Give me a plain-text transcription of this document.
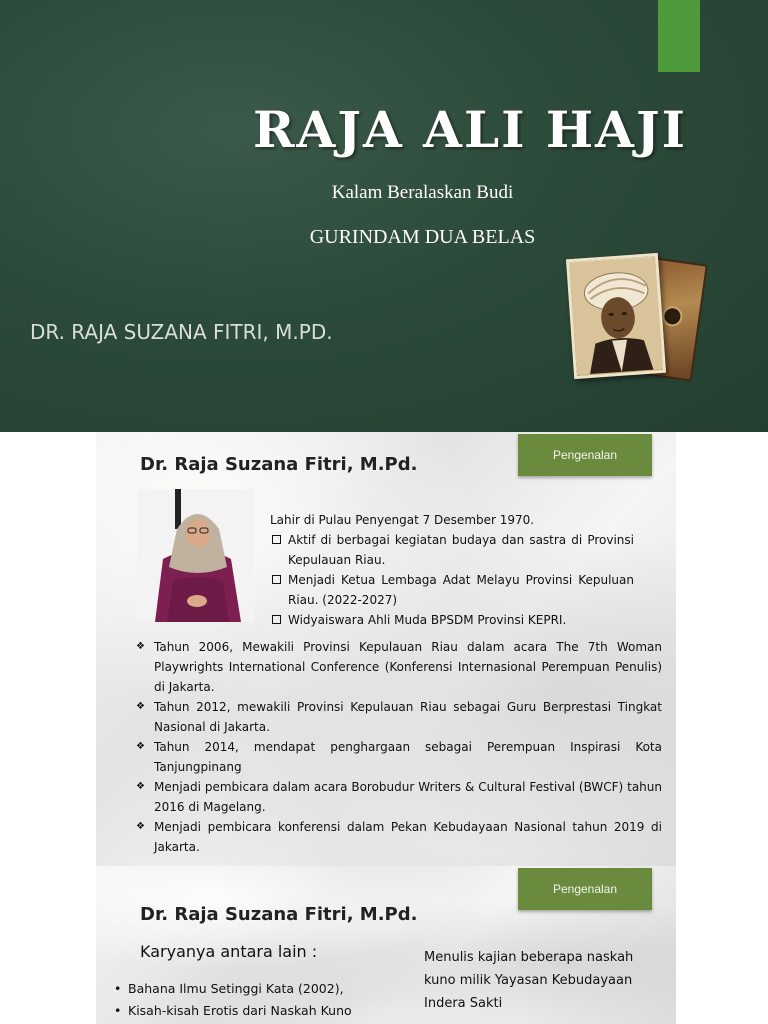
RAJA ALI HAJI
Kalam Beralaskan Budi
GURINDAM DUA BELAS
DR. RAJA SUZANA FITRI, M.PD.
Pengenalan
Dr. Raja Suzana Fitri, M.Pd.

Lahir di Pulau Penyengat 7 Desember 1970.

Aktif di berbagai kegiatan budaya dan sastra di Provinsi Kepulauan Riau.
Menjadi Ketua Lembaga Adat Melayu Provinsi Kepuluan Riau. (2022-2027)
Widyaiswara Ahli Muda BPSDM Provinsi KEPRI.
❖ Tahun 2006, Mewakili Provinsi Kepulauan Riau dalam acara The 7th Woman Playwrights International Conference (Konferensi Internasional Perempuan Penulis) di Jakarta.
❖ Tahun 2012, mewakili Provinsi Kepulauan Riau sebagai Guru Berprestasi Tingkat Nasional di Jakarta.
❖ Tahun 2014, mendapat penghargaan sebagai Perempuan Inspirasi Kota Tanjungpinang
❖ Menjadi pembicara dalam acara Borobudur Writers & Cultural Festival (BWCF) tahun 2016 di Magelang.
❖ Menjadi pembicara konferensi dalam Pekan Kebudayaan Nasional tahun 2019 di Jakarta.
Pengenalan
Dr. Raja Suzana Fitri, M.Pd.
Karyanya antara lain :
• Bahana Ilmu Setinggi Kata (2002),
• Kisah-kisah Erotis dari Naskah Kuno
Menulis kajian beberapa naskah kuno milik Yayasan Kebudayaan Indera Sakti
